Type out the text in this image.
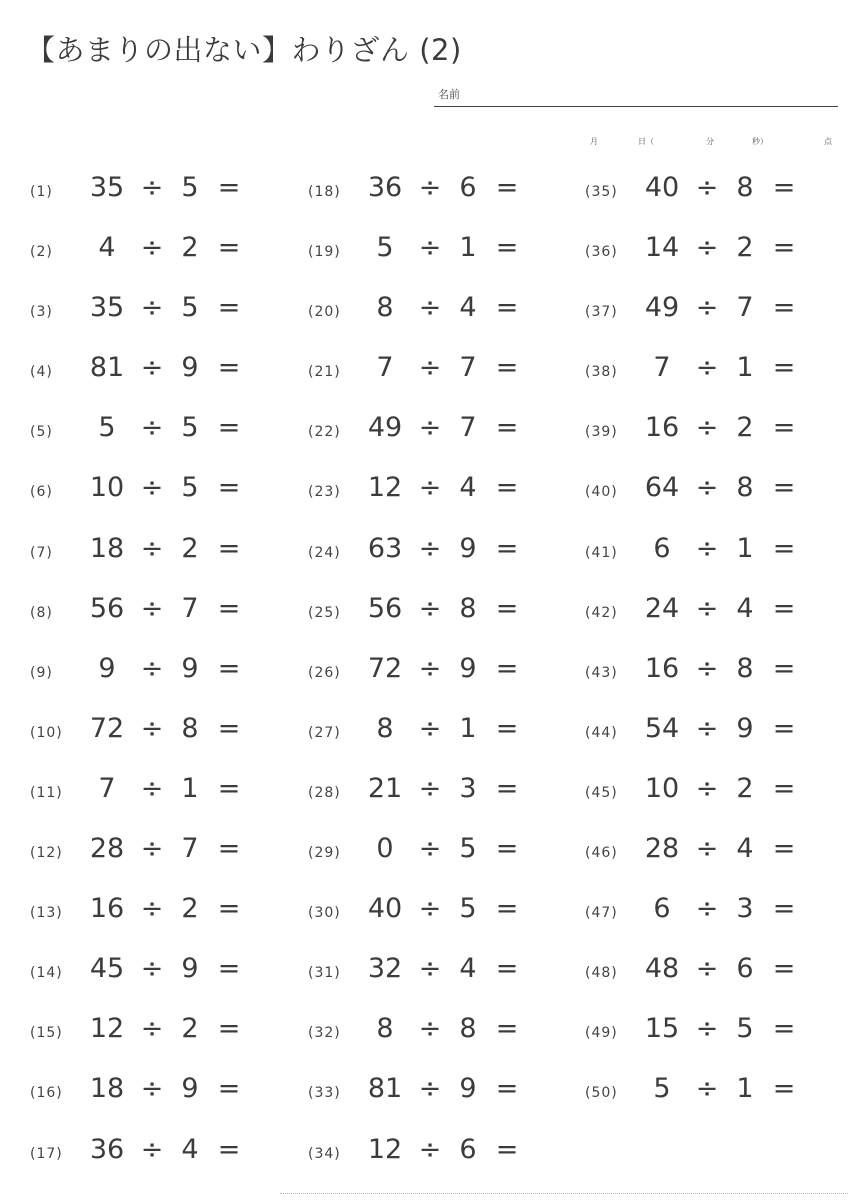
【あまりの出ない】わりざん (2)
名前
月	日（	分	秒）	点
(1) 35 ÷ 5 =
(2)	4 ÷ 2 =
(3) 35 ÷ 5 =
(4) 81 ÷ 9 =
(5)	5 ÷ 5 =
(6) 10 ÷ 5 =
(7) 18 ÷ 2 =
(8) 56 ÷ 7 =
(9)	9 ÷ 9 =
(10) 72 ÷ 8 =
(11)	7 ÷ 1 =
(12) 28 ÷ 7 =
(13) 16 ÷ 2 =
(14) 45 ÷ 9 =
(15) 12 ÷ 2 =
(16) 18 ÷ 9 =
(17) 36 ÷ 4 =
(18) 36 ÷ 6 =
(19)	5 ÷ 1 =
(20)	8 ÷ 4 =
(21)	7 ÷ 7 =
(22) 49 ÷ 7 =
(23) 12 ÷ 4 =
(24) 63 ÷ 9 =
(25) 56 ÷ 8 =
(26) 72 ÷ 9 =
(27)	8 ÷ 1 =
(28) 21 ÷ 3 =
(29)	0 ÷ 5 =
(30) 40 ÷ 5 =
(31) 32 ÷ 4 =
(32)	8 ÷ 8 =
(33) 81 ÷ 9 =
(34) 12 ÷ 6 =
(35) 40 ÷ 8 =
(36) 14 ÷ 2 =
(37) 49 ÷ 7 =
(38)	7 ÷ 1 =
(39) 16 ÷ 2 =
(40) 64 ÷ 8 =
(41)	6 ÷ 1 =
(42) 24 ÷ 4 =
(43) 16 ÷ 8 =
(44) 54 ÷ 9 =
(45) 10 ÷ 2 =
(46) 28 ÷ 4 =
(47)	6 ÷ 3 =
(48) 48 ÷ 6 =
(49) 15 ÷ 5 =
(50)	5 ÷ 1 =
